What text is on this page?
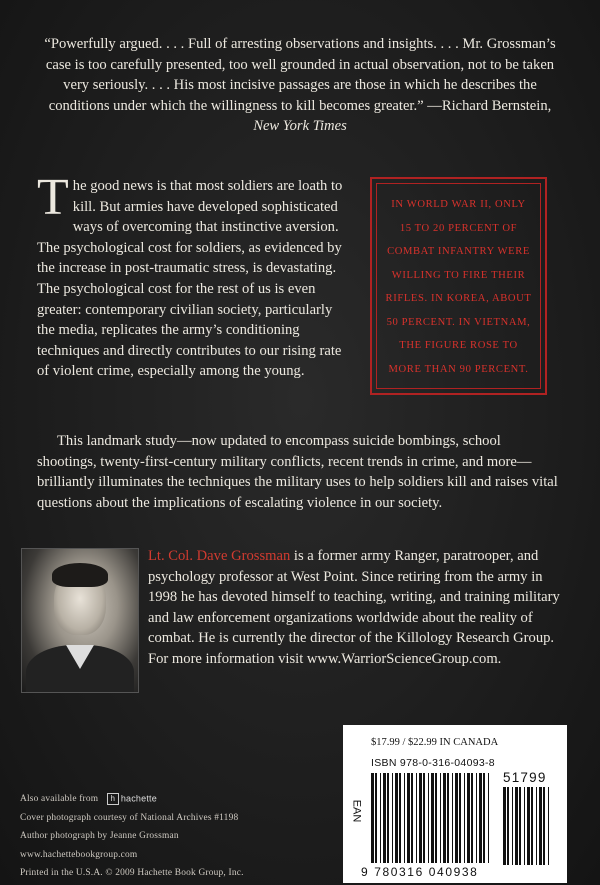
“Powerfully argued. . . . Full of arresting observations and insights. . . . Mr. Grossman’s case is too carefully presented, too well grounded in actual observation, not to be taken very seriously. . . . His most incisive passages are those in which he describes the conditions under which the willingness to kill becomes greater.” —Richard Bernstein, New York Times
The good news is that most soldiers are loath to kill. But armies have developed sophisticated ways of overcoming that instinctive aversion. The psychological cost for soldiers, as evidenced by the increase in post-traumatic stress, is devastating. The psychological cost for the rest of us is even greater: contemporary civilian society, particularly the media, replicates the army’s conditioning techniques and directly contributes to our rising rate of violent crime, especially among the young.
IN WORLD WAR II, ONLY
15 TO 20 PERCENT OF
COMBAT INFANTRY WERE
WILLING TO FIRE THEIR
RIFLES. IN KOREA, ABOUT
50 PERCENT. IN VIETNAM,
THE FIGURE ROSE TO
MORE THAN 90 PERCENT.
This landmark study—now updated to encompass suicide bombings, school shootings, twenty-first-century military conflicts, recent trends in crime, and more—brilliantly illuminates the techniques the military uses to help soldiers kill and raises vital questions about the implications of escalating violence in our society.
Lt. Col. Dave Grossman is a former army Ranger, paratrooper, and psychology professor at West Point. Since retiring from the army in 1998 he has devoted himself to teaching, writing, and training military and law enforcement organizations worldwide about the reality of combat. He is currently the director of the Killology Research Group. For more information visit www.WarriorScienceGroup.com.
Also available from h hachette
Cover photograph courtesy of National Archives #1198
Author photograph by Jeanne Grossman
www.hachettebookgroup.com
Printed in the U.S.A. © 2009 Hachette Book Group, Inc.
$17.99 / $22.99 IN CANADA
ISBN 978-0-316-04093-8
EAN
51799
9 780316 040938
